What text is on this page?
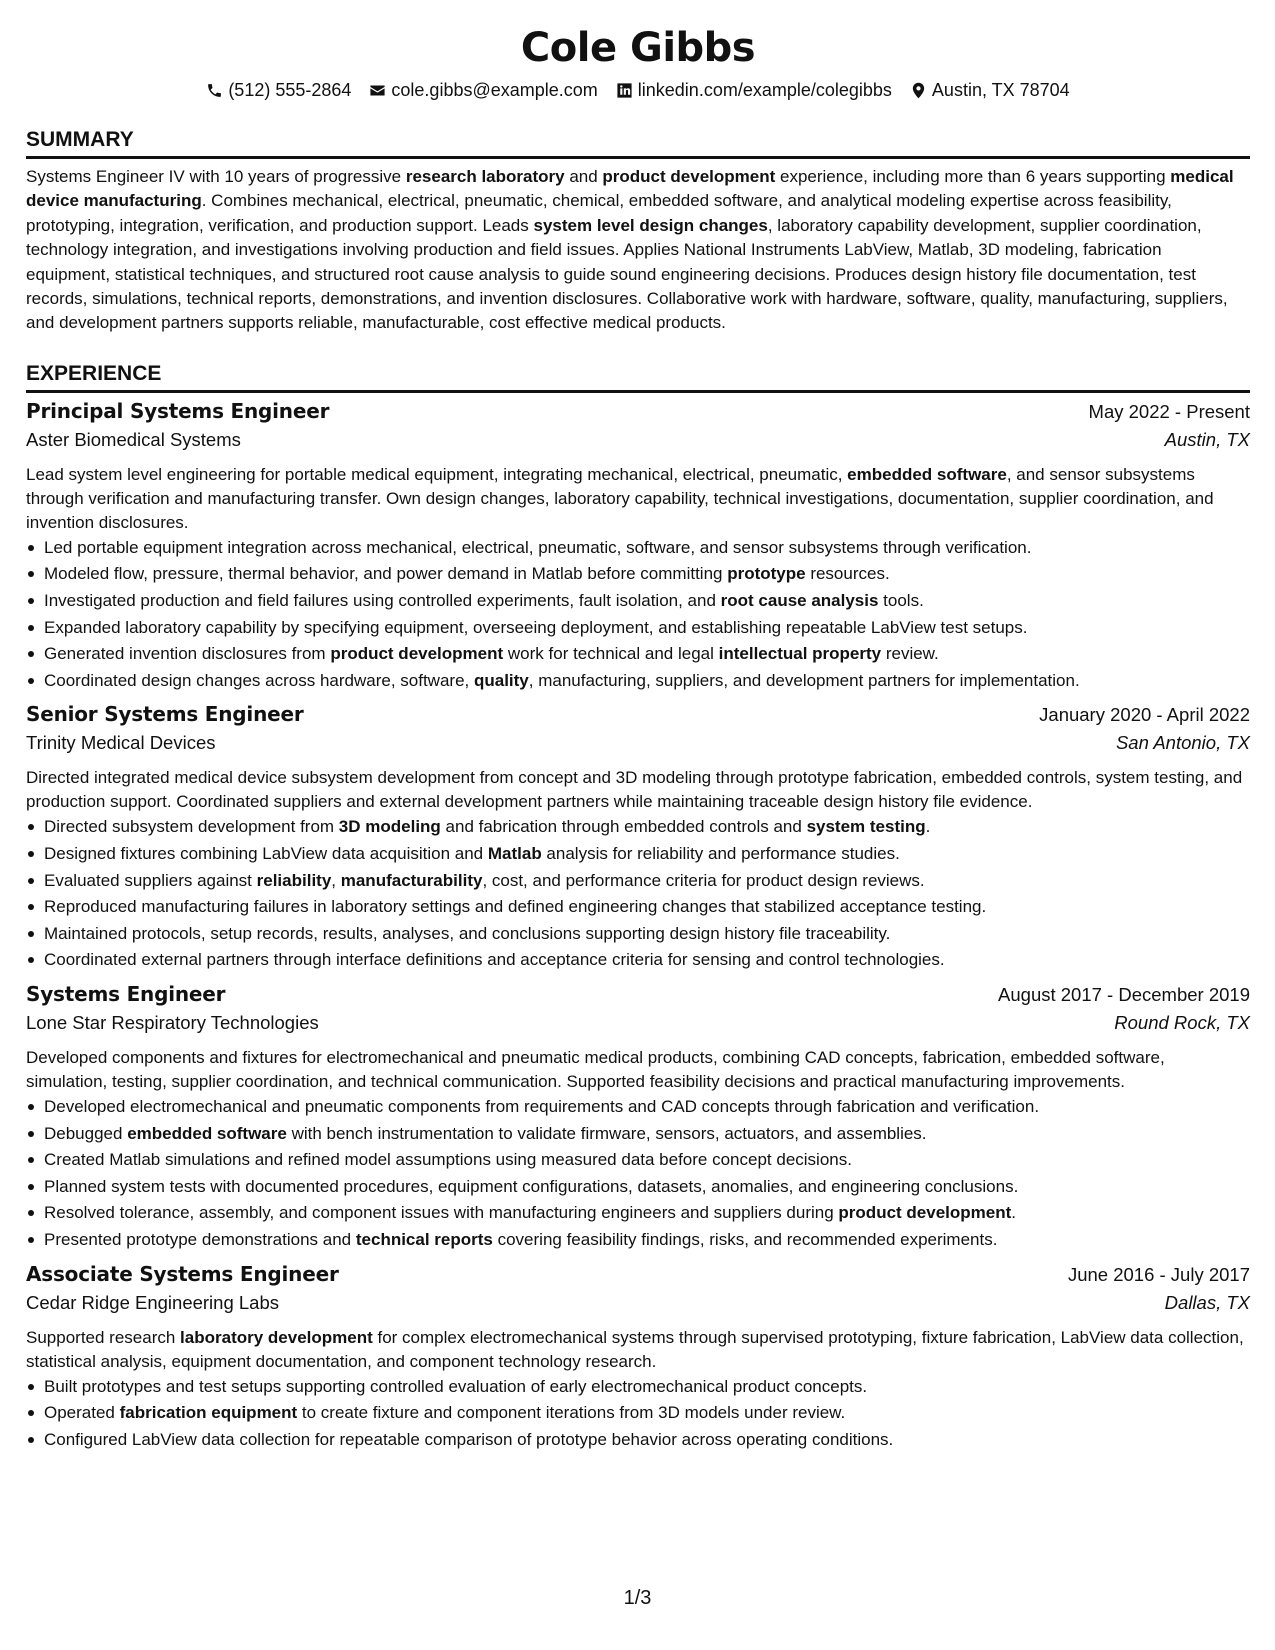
Cole Gibbs
(512) 555-2864 cole.gibbs@example.com linkedin.com/example/colegibbs Austin, TX 78704
SUMMARY

Systems Engineer IV with 10 years of progressive research laboratory and product development experience, including more than 6 years supporting medical device manufacturing. Combines mechanical, electrical, pneumatic, chemical, embedded software, and analytical modeling expertise across feasibility, prototyping, integration, verification, and production support. Leads system level design changes, laboratory capability development, supplier coordination, technology integration, and investigations involving production and field issues. Applies National Instruments LabView, Matlab, 3D modeling, fabrication equipment, statistical techniques, and structured root cause analysis to guide sound engineering decisions. Produces design history file documentation, test records, simulations, technical reports, demonstrations, and invention disclosures. Collaborative work with hardware, software, quality, manufacturing, suppliers, and development partners supports reliable, manufacturable, cost effective medical products.

EXPERIENCE
Principal Systems Engineer	May 2022 - Present
Aster Biomedical Systems	Austin, TX

Lead system level engineering for portable medical equipment, integrating mechanical, electrical, pneumatic, embedded software, and sensor subsystems through verification and manufacturing transfer. Own design changes, laboratory capability, technical investigations, documentation, supplier coordination, and invention disclosures.

Led portable equipment integration across mechanical, electrical, pneumatic, software, and sensor subsystems through verification.
Modeled flow, pressure, thermal behavior, and power demand in Matlab before committing prototype resources.
Investigated production and field failures using controlled experiments, fault isolation, and root cause analysis tools.
Expanded laboratory capability by specifying equipment, overseeing deployment, and establishing repeatable LabView test setups.
Generated invention disclosures from product development work for technical and legal intellectual property review.
Coordinated design changes across hardware, software, quality, manufacturing, suppliers, and development partners for implementation.
Senior Systems Engineer	January 2020 - April 2022
Trinity Medical Devices	San Antonio, TX

Directed integrated medical device subsystem development from concept and 3D modeling through prototype fabrication, embedded controls, system testing, and production support. Coordinated suppliers and external development partners while maintaining traceable design history file evidence.

Directed subsystem development from 3D modeling and fabrication through embedded controls and system testing.
Designed fixtures combining LabView data acquisition and Matlab analysis for reliability and performance studies.
Evaluated suppliers against reliability, manufacturability, cost, and performance criteria for product design reviews.
Reproduced manufacturing failures in laboratory settings and defined engineering changes that stabilized acceptance testing.
Maintained protocols, setup records, results, analyses, and conclusions supporting design history file traceability.
Coordinated external partners through interface definitions and acceptance criteria for sensing and control technologies.
Systems Engineer	August 2017 - December 2019
Lone Star Respiratory Technologies	Round Rock, TX

Developed components and fixtures for electromechanical and pneumatic medical products, combining CAD concepts, fabrication, embedded software, simulation, testing, supplier coordination, and technical communication. Supported feasibility decisions and practical manufacturing improvements.

Developed electromechanical and pneumatic components from requirements and CAD concepts through fabrication and verification.
Debugged embedded software with bench instrumentation to validate firmware, sensors, actuators, and assemblies.
Created Matlab simulations and refined model assumptions using measured data before concept decisions.
Planned system tests with documented procedures, equipment configurations, datasets, anomalies, and engineering conclusions.
Resolved tolerance, assembly, and component issues with manufacturing engineers and suppliers during product development.
Presented prototype demonstrations and technical reports covering feasibility findings, risks, and recommended experiments.
Associate Systems Engineer	June 2016 - July 2017
Cedar Ridge Engineering Labs	Dallas, TX

Supported research laboratory development for complex electromechanical systems through supervised prototyping, fixture fabrication, LabView data collection, statistical analysis, equipment documentation, and component technology research.

Built prototypes and test setups supporting controlled evaluation of early electromechanical product concepts.
Operated fabrication equipment to create fixture and component iterations from 3D models under review.
Configured LabView data collection for repeatable comparison of prototype behavior across operating conditions.
1/3
